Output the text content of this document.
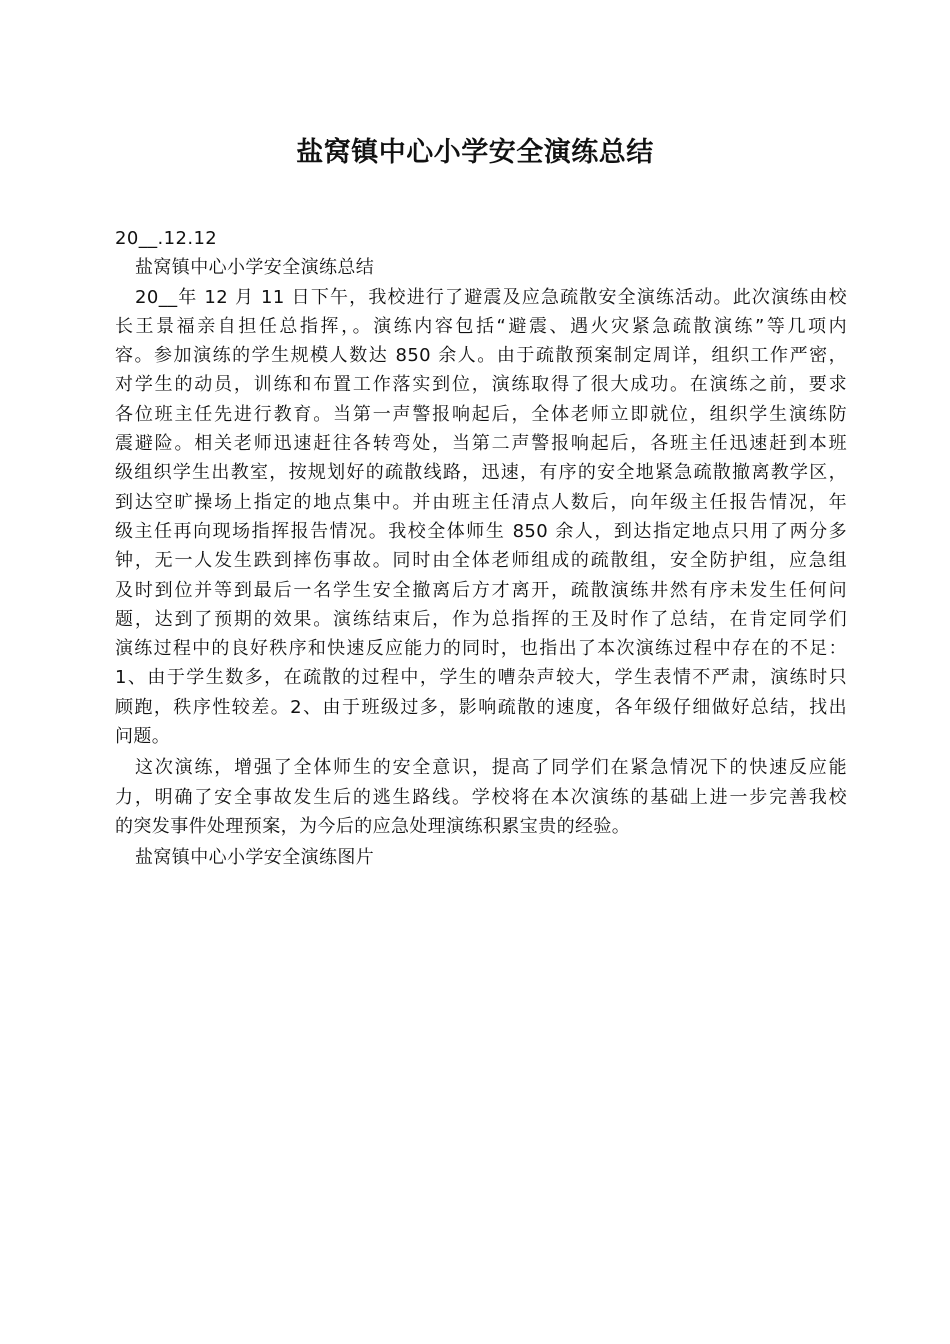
盐窝镇中心小学安全演练总结
20__.12.12
盐窝镇中心小学安全演练总结
20__年 12 月 11 日下午，我校进行了避震及应急疏散安全演练活动。此次演练由校
长王景福亲自担任总指挥，。演练内容包括“避震、遇火灾紧急疏散演练”等几项内
容。参加演练的学生规模人数达 850 余人。由于疏散预案制定周详，组织工作严密，
对学生的动员，训练和布置工作落实到位，演练取得了很大成功。在演练之前，要求
各位班主任先进行教育。当第一声警报响起后，全体老师立即就位，组织学生演练防
震避险。相关老师迅速赶往各转弯处，当第二声警报响起后，各班主任迅速赶到本班
级组织学生出教室，按规划好的疏散线路，迅速，有序的安全地紧急疏散撤离教学区，
到达空旷操场上指定的地点集中。并由班主任清点人数后，向年级主任报告情况，年
级主任再向现场指挥报告情况。我校全体师生 850 余人，到达指定地点只用了两分多
钟，无一人发生跌到摔伤事故。同时由全体老师组成的疏散组，安全防护组，应急组
及时到位并等到最后一名学生安全撤离后方才离开，疏散演练井然有序未发生任何问
题，达到了预期的效果。演练结束后，作为总指挥的王及时作了总结，在肯定同学们
演练过程中的良好秩序和快速反应能力的同时，也指出了本次演练过程中存在的不足：
1、由于学生数多，在疏散的过程中，学生的嘈杂声较大，学生表情不严肃，演练时只
顾跑，秩序性较差。2、由于班级过多，影响疏散的速度，各年级仔细做好总结，找出
问题。
这次演练，增强了全体师生的安全意识，提高了同学们在紧急情况下的快速反应能
力，明确了安全事故发生后的逃生路线。学校将在本次演练的基础上进一步完善我校
的突发事件处理预案，为今后的应急处理演练积累宝贵的经验。
盐窝镇中心小学安全演练图片
